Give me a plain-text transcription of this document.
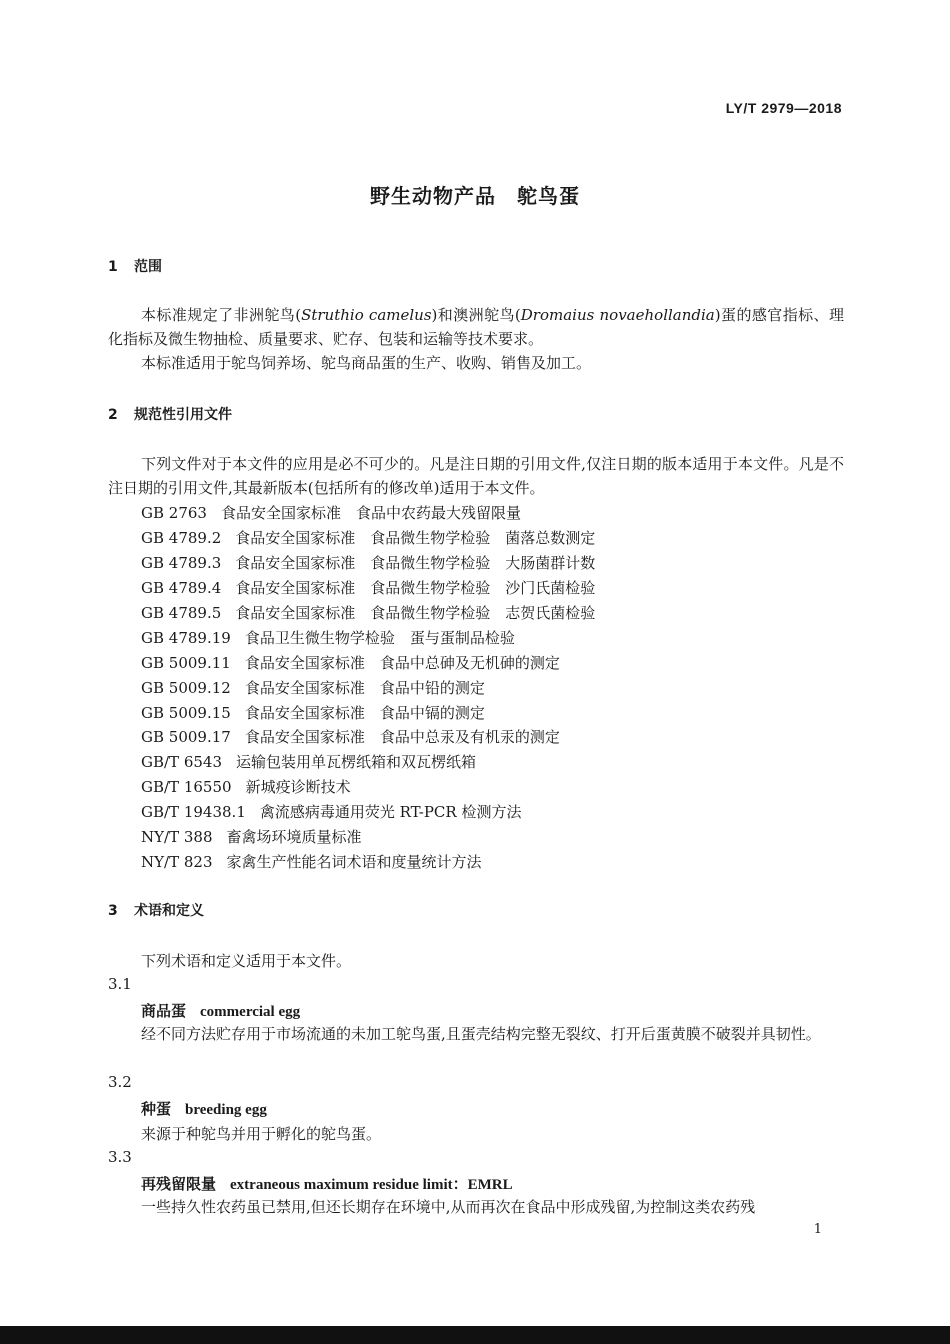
LY/T 2979—2018
野生动物产品　鸵鸟蛋
1 范围
本标准规定了非洲鸵鸟(Struthio camelus)和澳洲鸵鸟(Dromaius novaehollandia)蛋的感官指标、理化指标及微生物抽检、质量要求、贮存、包装和运输等技术要求。
本标准适用于鸵鸟饲养场、鸵鸟商品蛋的生产、收购、销售及加工。
2 规范性引用文件
下列文件对于本文件的应用是必不可少的。凡是注日期的引用文件,仅注日期的版本适用于本文件。凡是不注日期的引用文件,其最新版本(包括所有的修改单)适用于本文件。
GB 2763 食品安全国家标准　食品中农药最大残留限量
GB 4789.2 食品安全国家标准　食品微生物学检验　菌落总数测定
GB 4789.3 食品安全国家标准　食品微生物学检验　大肠菌群计数
GB 4789.4 食品安全国家标准　食品微生物学检验　沙门氏菌检验
GB 4789.5 食品安全国家标准　食品微生物学检验　志贺氏菌检验
GB 4789.19 食品卫生微生物学检验　蛋与蛋制品检验
GB 5009.11 食品安全国家标准　食品中总砷及无机砷的测定
GB 5009.12 食品安全国家标准　食品中铅的测定
GB 5009.15 食品安全国家标准　食品中镉的测定
GB 5009.17 食品安全国家标准　食品中总汞及有机汞的测定
GB/T 6543 运输包装用单瓦楞纸箱和双瓦楞纸箱
GB/T 16550 新城疫诊断技术
GB/T 19438.1 禽流感病毒通用荧光 RT-PCR 检测方法
NY/T 388 畜禽场环境质量标准
NY/T 823 家禽生产性能名词术语和度量统计方法
3 术语和定义
下列术语和定义适用于本文件。
3.1
商品蛋 commercial egg
经不同方法贮存用于市场流通的未加工鸵鸟蛋,且蛋壳结构完整无裂纹、打开后蛋黄膜不破裂并具韧性。
3.2
种蛋 breeding egg
来源于种鸵鸟并用于孵化的鸵鸟蛋。
3.3
再残留限量 extraneous maximum residue limit：EMRL
一些持久性农药虽已禁用,但还长期存在环境中,从而再次在食品中形成残留,为控制这类农药残
1
